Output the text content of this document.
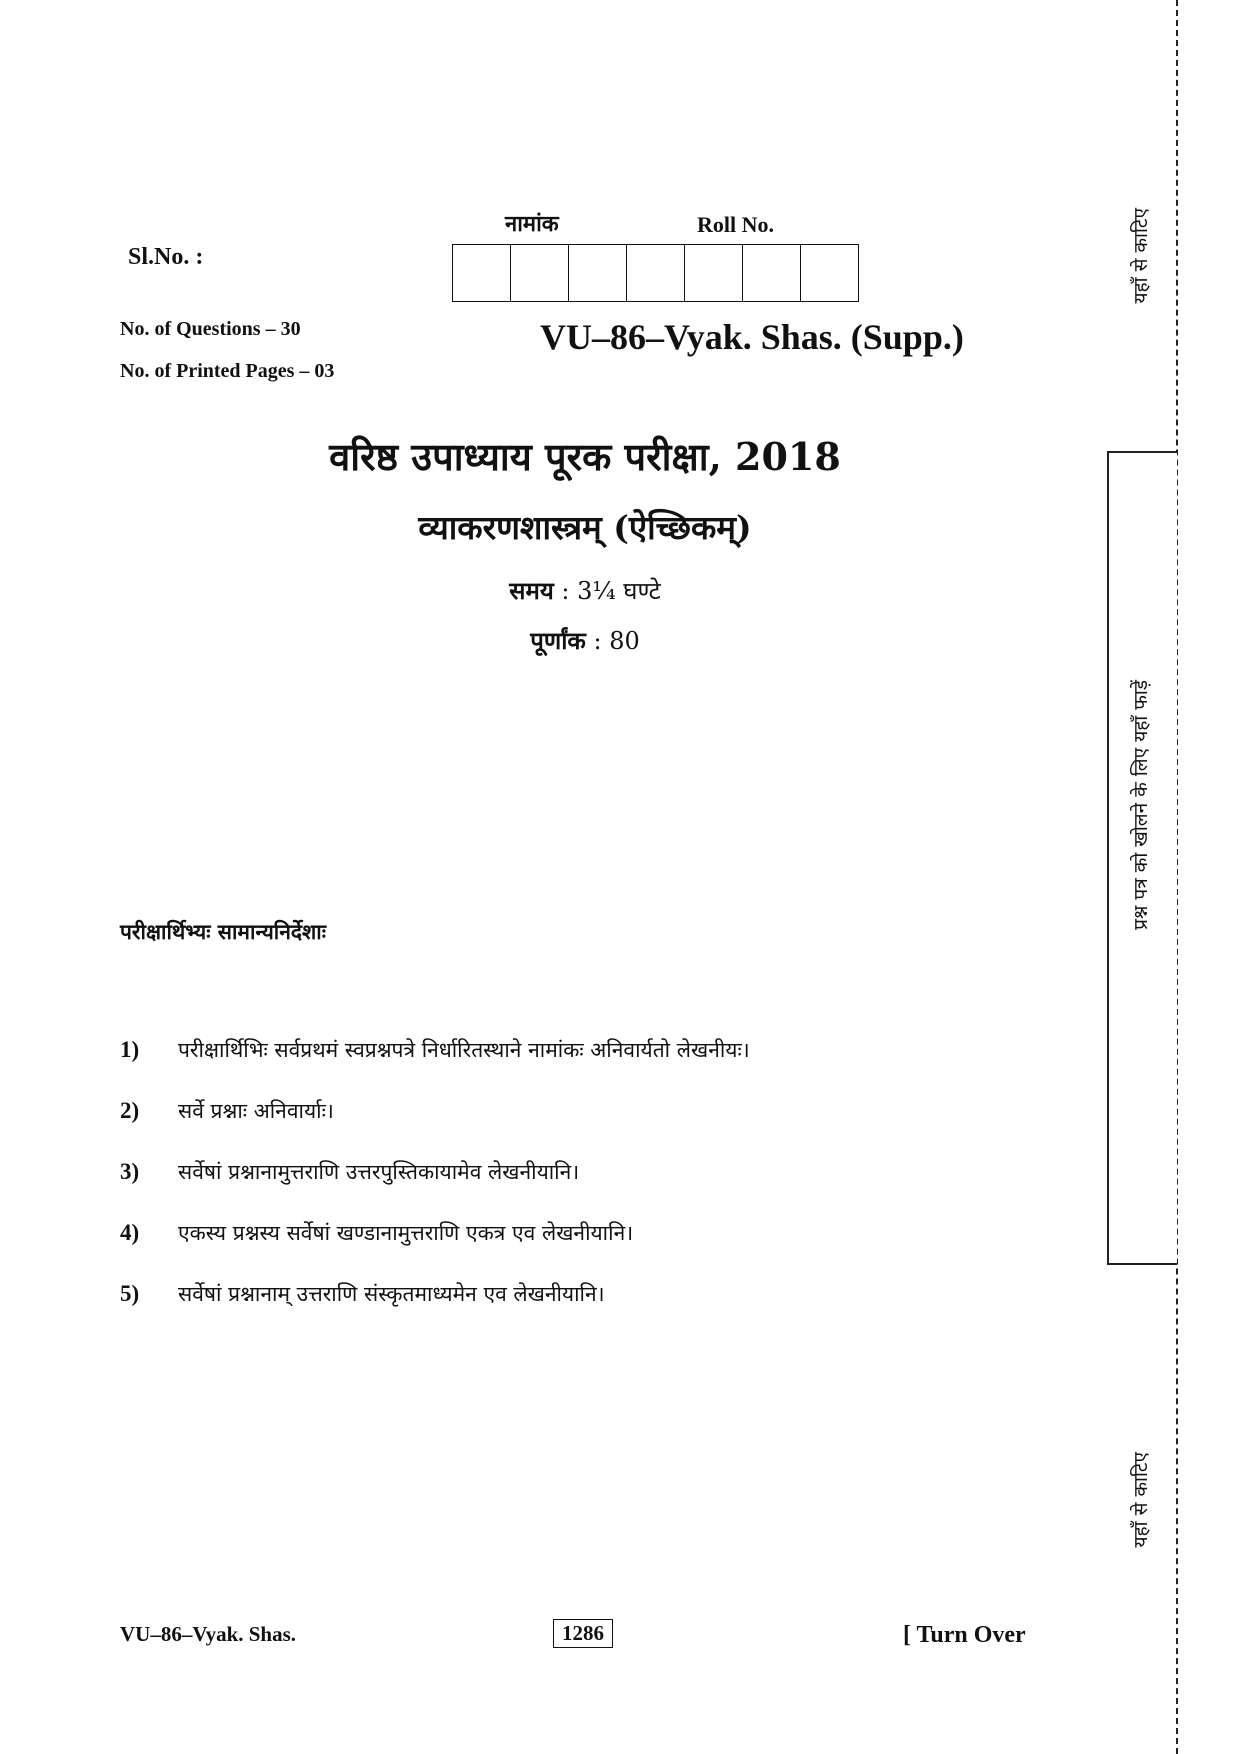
Sl.No. :
नामांक	Roll No.
No. of Questions – 30
No. of Printed Pages – 03
VU–86–Vyak. Shas. (Supp.)
वरिष्ठ उपाध्याय पूरक परीक्षा, 2018
व्याकरणशास्त्रम् (ऐच्छिकम्)
समय : 3¼ घण्टे
पूर्णांक : 80
परीक्षार्थिभ्यः सामान्यनिर्देशाः
1)	परीक्षार्थिभिः सर्वप्रथमं स्वप्रश्नपत्रे निर्धारितस्थाने नामांकः अनिवार्यतो लेखनीयः।
2)	सर्वे प्रश्नाः अनिवार्याः।
3)	सर्वेषां प्रश्नानामुत्तराणि उत्तरपुस्तिकायामेव लेखनीयानि।
4)	एकस्य प्रश्नस्य सर्वेषां खण्डानामुत्तराणि एकत्र एव लेखनीयानि।
5)	सर्वेषां प्रश्नानाम् उत्तराणि संस्कृतमाध्यमेन एव लेखनीयानि।
VU–86–Vyak. Shas.	1286	[ Turn Over
यहाँ से काटिए
प्रश्न पत्र को खोलने के लिए यहाँ फाड़ें
यहाँ से काटिए
